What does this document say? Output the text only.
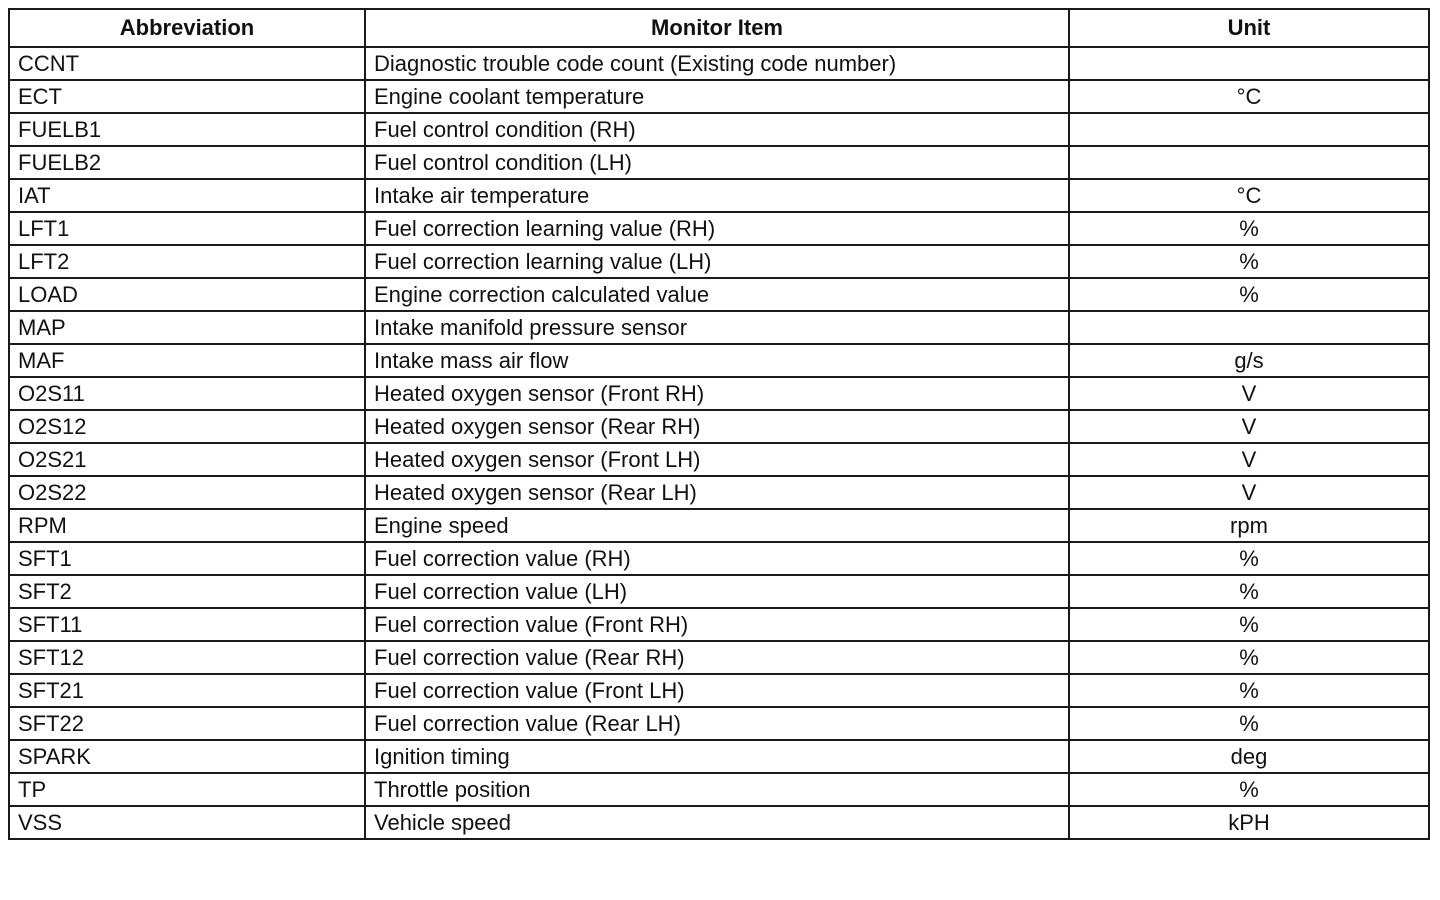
Abbreviation	Monitor Item	Unit
CCNT	Diagnostic trouble code count (Existing code number)	
ECT	Engine coolant temperature	°C
FUELB1	Fuel control condition (RH)	
FUELB2	Fuel control condition (LH)	
IAT	Intake air temperature	°C
LFT1	Fuel correction learning value (RH)	%
LFT2	Fuel correction learning value (LH)	%
LOAD	Engine correction calculated value	%
MAP	Intake manifold pressure sensor	
MAF	Intake mass air flow	g/s
O2S11	Heated oxygen sensor (Front RH)	V
O2S12	Heated oxygen sensor (Rear RH)	V
O2S21	Heated oxygen sensor (Front LH)	V
O2S22	Heated oxygen sensor (Rear LH)	V
RPM	Engine speed	rpm
SFT1	Fuel correction value (RH)	%
SFT2	Fuel correction value (LH)	%
SFT11	Fuel correction value (Front RH)	%
SFT12	Fuel correction value (Rear RH)	%
SFT21	Fuel correction value (Front LH)	%
SFT22	Fuel correction value (Rear LH)	%
SPARK	Ignition timing	deg
TP	Throttle position	%
VSS	Vehicle speed	kPH
